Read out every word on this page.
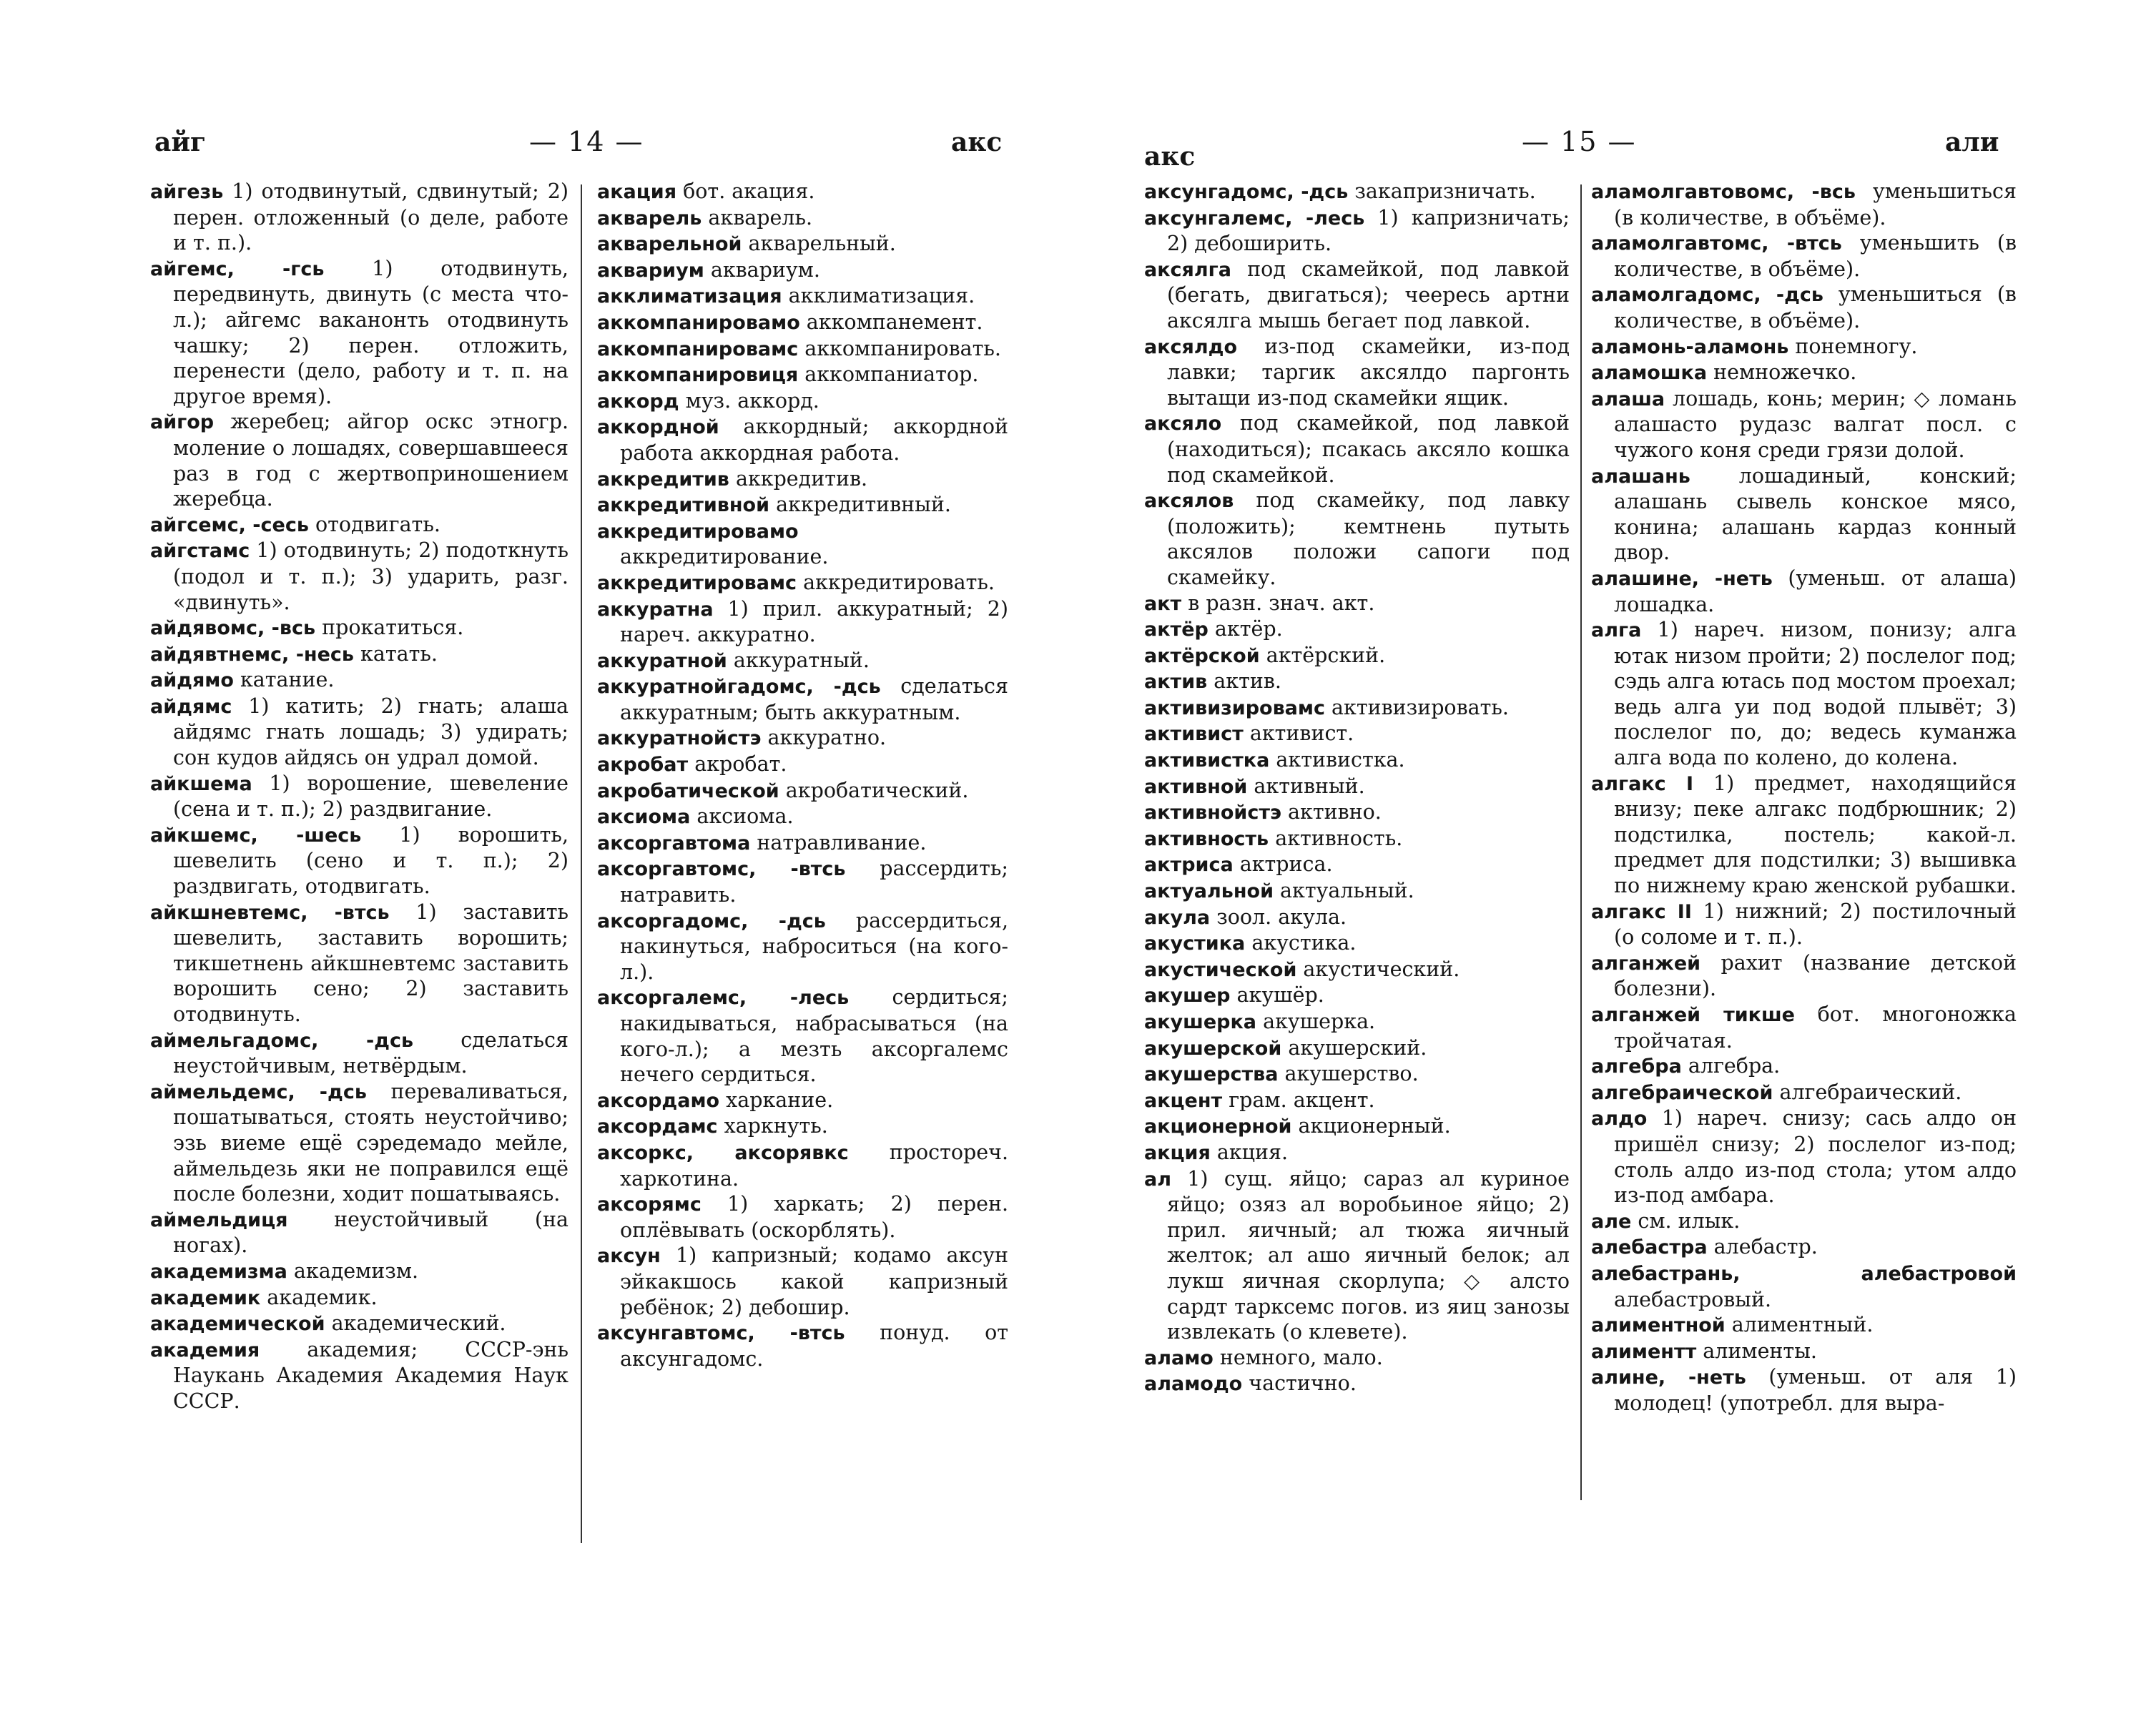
айг	— 14 —	акс	акс	— 15 —	али

айгезь 1) отодвинутый, сдвинутый; 2) перен. отложенный (о деле, работе и т. п.).

айгемс, -гсь 1) отодвинуть, передвинуть, двинуть (с места что-л.); айгемс ваканонть отодвинуть чашку; 2) перен. отложить, перенести (дело, работу и т. п. на другое время).

айгор жеребец; айгор оскс этногр. моление о лошадях, совершавшееся раз в год с жертвоприношением жеребца.

айгсемс, -сесь отодвигать.

айгстамс 1) отодвинуть; 2) подоткнуть (подол и т. п.); 3) ударить, разг. «двинуть».

айдявомс, -всь прокатиться.

айдявтнемс, -несь катать.

айдямо катание.

айдямс 1) катить; 2) гнать; алаша айдямс гнать лошадь; 3) удирать; сон кудов айдясь он удрал домой.

айкшема 1) ворошение, шевеление (сена и т. п.); 2) раздвигание.

айкшемс, -шесь 1) ворошить, шевелить (сено и т. п.); 2) раздвигать, отодвигать.

айкшневтемс, -втсь 1) заставить шевелить, заставить ворошить; тикшетнень айкшневтемс заставить ворошить сено; 2) заставить отодвинуть.

аймельгадомс, -дсь сделаться неустойчивым, нетвёрдым.

аймельдемс, -дсь переваливаться, пошатываться, стоять неустойчиво; эзь виеме ещё сэредемадо мейле, аймельдезь яки не поправился ещё после болезни, ходит пошатываясь.

аймельдиця неустойчивый (на ногах).

академизма академизм.

академик академик.

академической академический.

академия академия; СССР-энь Наукань Академия Академия Наук СССР.

акация бот. акация.

акварель акварель.

акварельной акварельный.

аквариум аквариум.

акклиматизация акклиматизация.

аккомпанировамо аккомпанемент.

аккомпанировамс аккомпанировать.

аккомпанировиця аккомпаниатор.

аккорд муз. аккорд.

аккордной аккордный; аккордной работа аккордная работа.

аккредитив аккредитив.

аккредитивной аккредитивный.

аккредитировамо аккредитирование.

аккредитировамс аккредитировать.

аккуратна 1) прил. аккуратный; 2) нареч. аккуратно.

аккуратной аккуратный.

аккуратнойгадомс, -дсь сделаться аккуратным; быть аккуратным.

аккуратнойстэ аккуратно.

акробат акробат.

акробатической акробатический.

аксиома аксиома.

аксоргавтома натравливание.

аксоргавтомс, -втсь рассердить; натравить.

аксоргадомс, -дсь рассердиться, накинуться, наброситься (на кого-л.).

аксоргалемс, -лесь сердиться; накидываться, набрасываться (на кого-л.); а мезть аксоргалемс нечего сердиться.

аксордамо харкание.

аксордамс харкнуть.

аксоркс, аксорявкс простореч. харкотина.

аксорямс 1) харкать; 2) перен. оплёвывать (оскорблять).

аксун 1) капризный; кодамо аксун эйкакшось какой капризный ребёнок; 2) дебошир.

аксунгавтомс, -втсь понуд. от аксунгадомс.

аксунгадомс, -дсь закапризничать.

аксунгалемс, -лесь 1) капризничать; 2) дебоширить.

аксялга под скамейкой, под лавкой (бегать, двигаться); чеересь артни аксялга мышь бегает под лавкой.

аксялдо из-под скамейки, из-под лавки; таргик аксялдо паргонть вытащи из-под скамейки ящик.

аксяло под скамейкой, под лавкой (находиться); псакась аксяло кошка под скамейкой.

аксялов под скамейку, под лавку (положить); кемтнень путыть аксялов положи сапоги под скамейку.

акт в разн. знач. акт.

актёр актёр.

актёрской актёрский.

актив актив.

активизировамс активизировать.

активист активист.

активистка активистка.

активной активный.

активнойстэ активно.

активность активность.

актриса актриса.

актуальной актуальный.

акула зоол. акула.

акустика акустика.

акустической акустический.

акушер акушёр.

акушерка акушерка.

акушерской акушерский.

акушерства акушерство.

акцент грам. акцент.

акционерной акционерный.

акция акция.

ал 1) сущ. яйцо; сараз ал куриное яйцо; озяз ал воробьиное яйцо; 2) прил. яичный; ал тюжа яичный желток; ал ашо яичный белок; ал лукш яичная скорлупа; ◇ алсто сардт таркcемс погов. из яиц занозы извлекать (о клевете).

аламо немного, мало.

аламодо частично.

аламолгавтовомс, -всь уменьшиться (в количестве, в объёме).

аламолгавтомс, -втсь уменьшить (в количестве, в объёме).

аламолгадомс, -дсь уменьшиться (в количестве, в объёме).

аламонь-аламонь понемногу.

аламошка немножечко.

алаша лошадь, конь; мерин; ◇ ломань алашасто рудазс валгат посл. с чужого коня среди грязи долой.

алашань лошадиный, конский; алашань сывель конское мясо, конина; алашань кардаз конный двор.

алашине, -неть (уменьш. от алаша) лошадка.

алга 1) нареч. низом, понизу; алга ютак низом пройти; 2) послелог под; сэдь алга ютась под мостом проехал; ведь алга уи под водой плывёт; 3) послелог по, до; ведесь куманжа алга вода по колено, до колена.

алгакс I 1) предмет, находящийся внизу; пеке алгакс подбрюшник; 2) подстилка, постель; какой-л. предмет для подстилки; 3) вышивка по нижнему краю женской рубашки.

алгакс II 1) нижний; 2) постилочный (о соломе и т. п.).

алганжей рахит (название детской болезни).

алганжей тикше бот. многоножка тройчатая.

алгебра алгебра.

алгебраической алгебраический.

алдо 1) нареч. снизу; сась алдо он пришёл снизу; 2) послелог из-под; столь алдо из-под стола; утом алдо из-под амбара.

але см. илык.

алебастра алебастр.

алебастрань, алебастровой алебастровый.

алиментной алиментный.

алиментт алименты.

алине, -неть (уменьш. от аля 1) молодец! (употребл. для выра-
